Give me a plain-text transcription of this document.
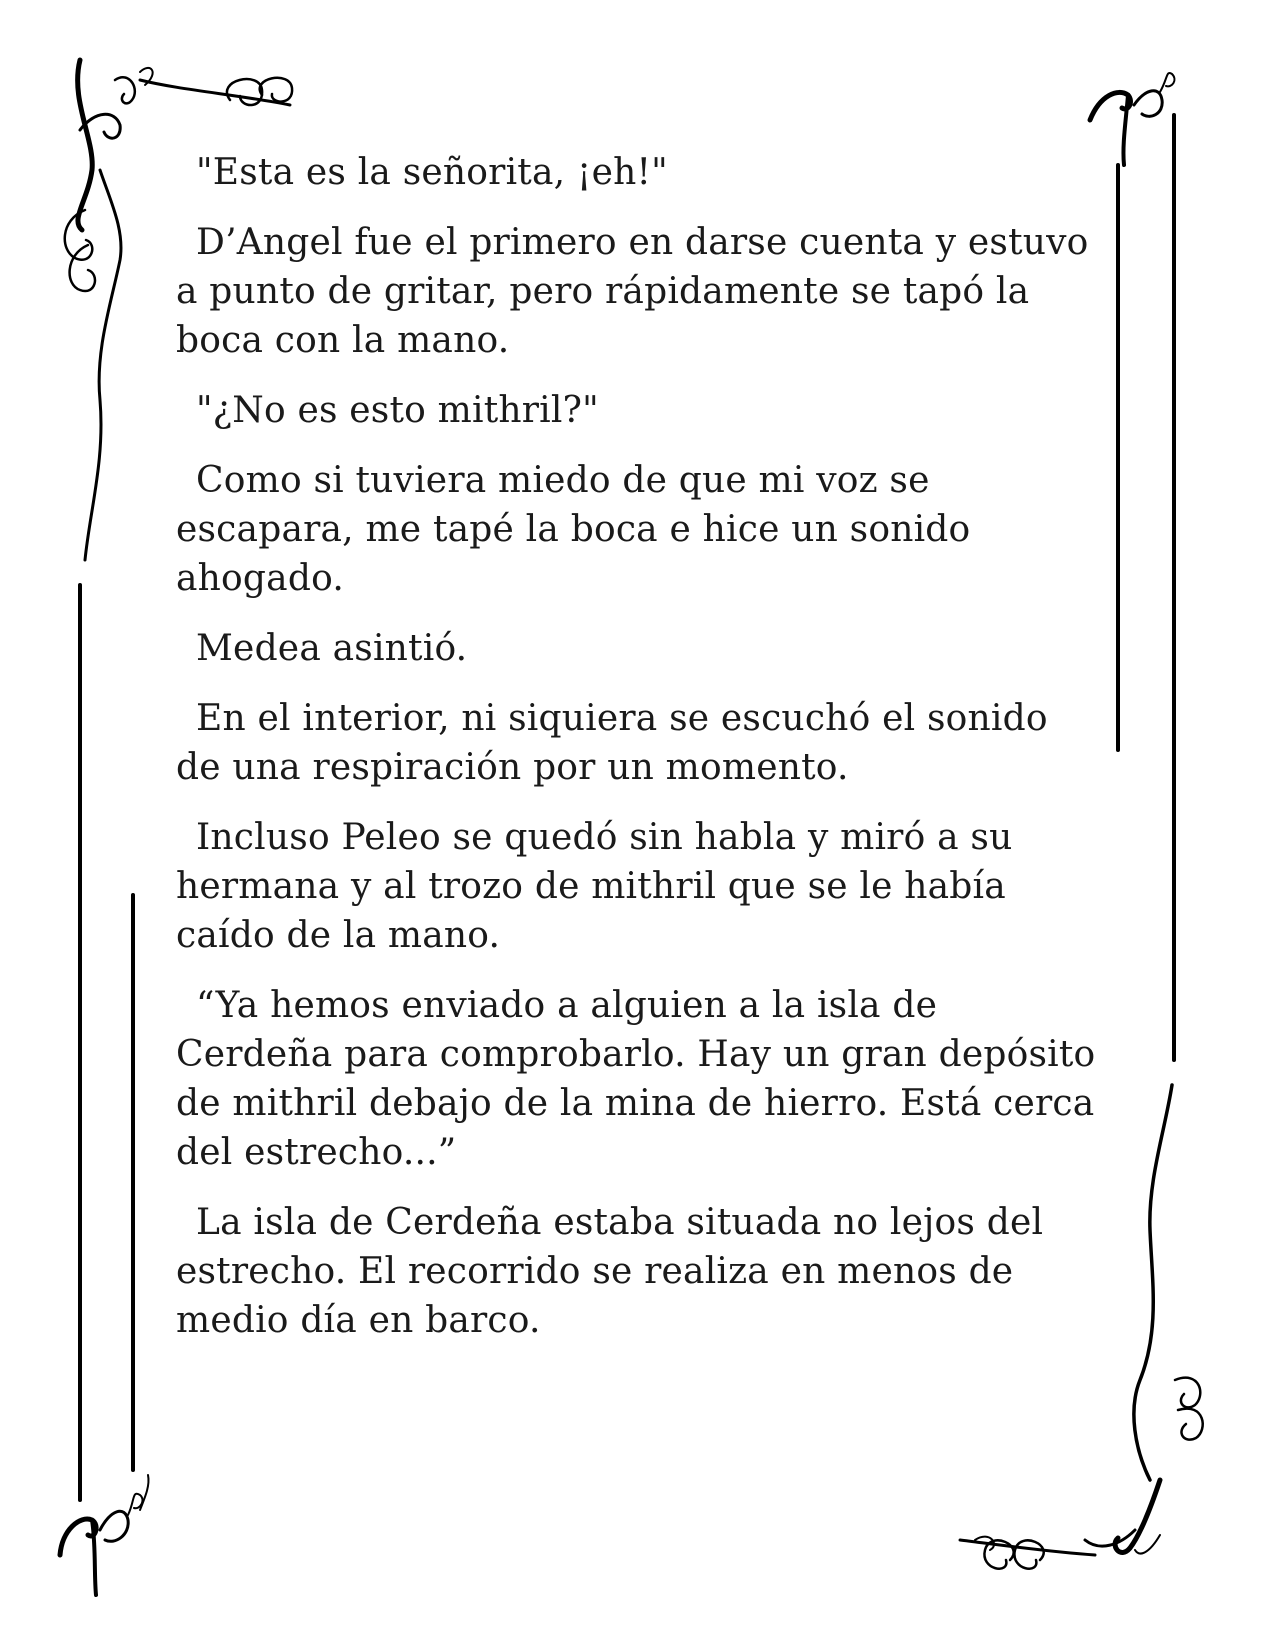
"Esta es la señorita, ¡eh!"

D’Angel fue el primero en darse cuenta y estuvo a punto de gritar, pero rápidamente se tapó la boca con la mano.

"¿No es esto mithril?"

Como si tuviera miedo de que mi voz se escapara, me tapé la boca e hice un sonido ahogado.

Medea asintió.

En el interior, ni siquiera se escuchó el sonido de una respiración por un momento.

Incluso Peleo se quedó sin habla y miró a su hermana y al trozo de mithril que se le había caído de la mano.

“Ya hemos enviado a alguien a la isla de Cerdeña para comprobarlo. Hay un gran depósito de mithril debajo de la mina de hierro. Está cerca del estrecho...”

La isla de Cerdeña estaba situada no lejos del estrecho. El recorrido se realiza en menos de medio día en barco.
